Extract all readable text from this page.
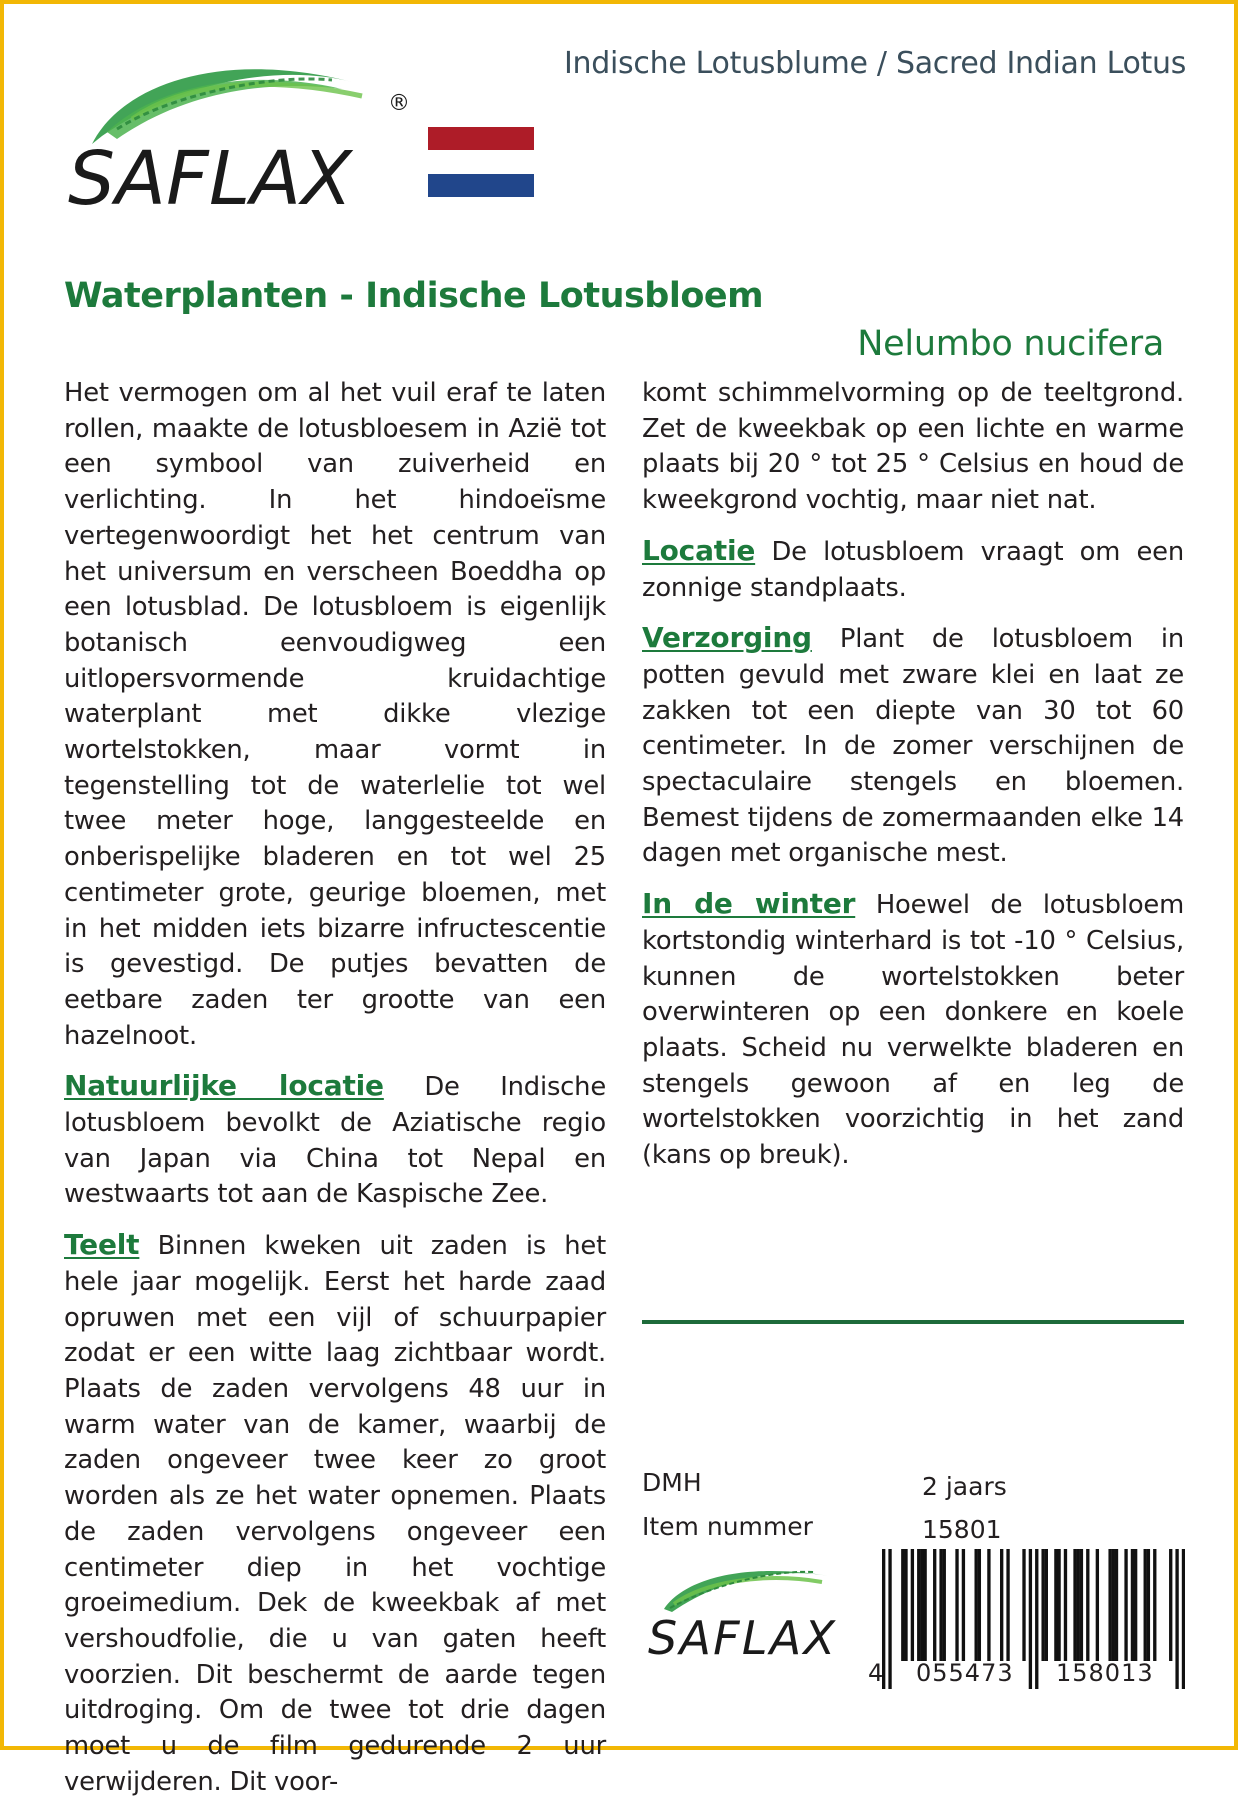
SAFLAX
®
Indische Lotusblume / Sacred Indian Lotus
Waterplanten - Indische Lotusbloem
Nelumbo nucifera

Het vermogen om al het vuil eraf te laten rollen, maakte de lotusbloesem in Azië tot een symbool van zuiverheid en verlichting. In het hindoeïsme vertegenwoordigt het het centrum van het universum en verscheen Boeddha op een lotusblad. De lotusbloem is eigenlijk botanisch eenvoudigweg een uitlopersvormende kruidachtige waterplant met dikke vlezige wortelstokken, maar vormt in tegenstelling tot de waterlelie tot wel twee meter hoge, langgesteelde en onberispelijke bladeren en tot wel 25 centimeter grote, geurige bloemen, met in het midden iets bizarre infructescentie is gevestigd. De putjes bevatten de eetbare zaden ter grootte van een hazelnoot.

Natuurlijke locatie De Indische lotusbloem bevolkt de Aziatische regio van Japan via China tot Nepal en westwaarts tot aan de Kaspische Zee.

Teelt Binnen kweken uit zaden is het hele jaar mogelijk. Eerst het harde zaad opruwen met een vijl of schuurpapier zodat er een witte laag zichtbaar wordt. Plaats de zaden vervolgens 48 uur in warm water van de kamer, waarbij de zaden ongeveer twee keer zo groot worden als ze het water opnemen. Plaats de zaden vervolgens ongeveer een centimeter diep in het vochtige groeimedium. Dek de kweekbak af met vershoudfolie, die u van gaten heeft voorzien. Dit beschermt de aarde tegen uitdroging. Om de twee tot drie dagen moet u de film gedurende 2 uur verwijderen. Dit voor-

komt schimmelvorming op de teeltgrond. Zet de kweekbak op een lichte en warme plaats bij 20 ° tot 25 ° Celsius en houd de kweekgrond vochtig, maar niet nat.

Locatie De lotusbloem vraagt om een zonnige standplaats.

Verzorging Plant de lotusbloem in potten gevuld met zware klei en laat ze zakken tot een diepte van 30 tot 60 centimeter. In de zomer verschijnen de spectaculaire stengels en bloemen. Bemest tijdens de zomermaanden elke 14 dagen met organische mest.

In de winter Hoewel de lotusbloem kortstondig winterhard is tot -10 ° Celsius, kunnen de wortelstokken beter overwinteren op een donkere en koele plaats. Scheid nu verwelkte bladeren en stengels gewoon af en leg de wortelstokken voorzichtig in het zand (kans op breuk).

DMH	2 jaars
Item nummer	15801
SAFLAX
4 055473 158013
